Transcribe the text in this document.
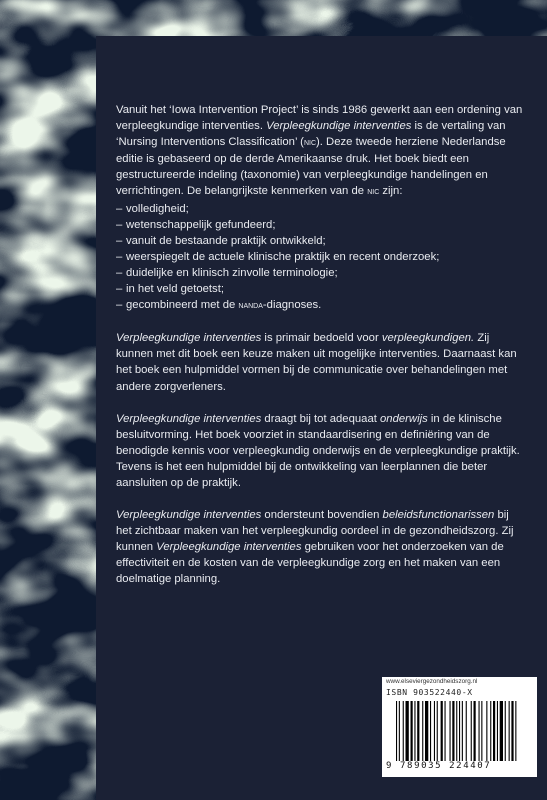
Vanuit het ‘Iowa Intervention Project’ is sinds 1986 gewerkt aan een ordening van verpleegkundige interventies. Verpleegkundige interventies is de vertaling van ‘Nursing Interventions Classification’ (nic). Deze tweede herziene Nederlandse editie is gebaseerd op de derde Amerikaanse druk. Het boek biedt een gestructureerde indeling (taxonomie) van verpleegkundige handelingen en verrichtingen. De belangrijkste kenmerken van de nic zijn:

– volledigheid;
– wetenschappelijk gefundeerd;
– vanuit de bestaande praktijk ontwikkeld;
– weerspiegelt de actuele klinische praktijk en recent onderzoek;
– duidelijke en klinisch zinvolle terminologie;
– in het veld getoetst;
– gecombineerd met de nanda-diagnoses.

Verpleegkundige interventies is primair bedoeld voor verpleegkundigen. Zij kunnen met dit boek een keuze maken uit mogelijke interventies. Daarnaast kan het boek een hulpmiddel vormen bij de communicatie over behandelingen met andere zorgverleners.

Verpleegkundige interventies draagt bij tot adequaat onderwijs in de klinische besluitvorming. Het boek voorziet in standaardisering en definiëring van de benodigde kennis voor verpleegkundig onderwijs en de verpleegkundige praktijk. Tevens is het een hulpmiddel bij de ontwikkeling van leerplannen die beter aansluiten op de praktijk.

Verpleegkundige interventies ondersteunt bovendien beleidsfunctionarissen bij het zichtbaar maken van het verpleegkundig oordeel in de gezondheidszorg. Zij kunnen Verpleegkundige interventies gebruiken voor het onderzoeken van de effectiviteit en de kosten van de verpleegkundige zorg en het maken van een doelmatige planning.

www.elseviergezondheidszorg.nl
ISBN 903522440-X
9 789035 224407
